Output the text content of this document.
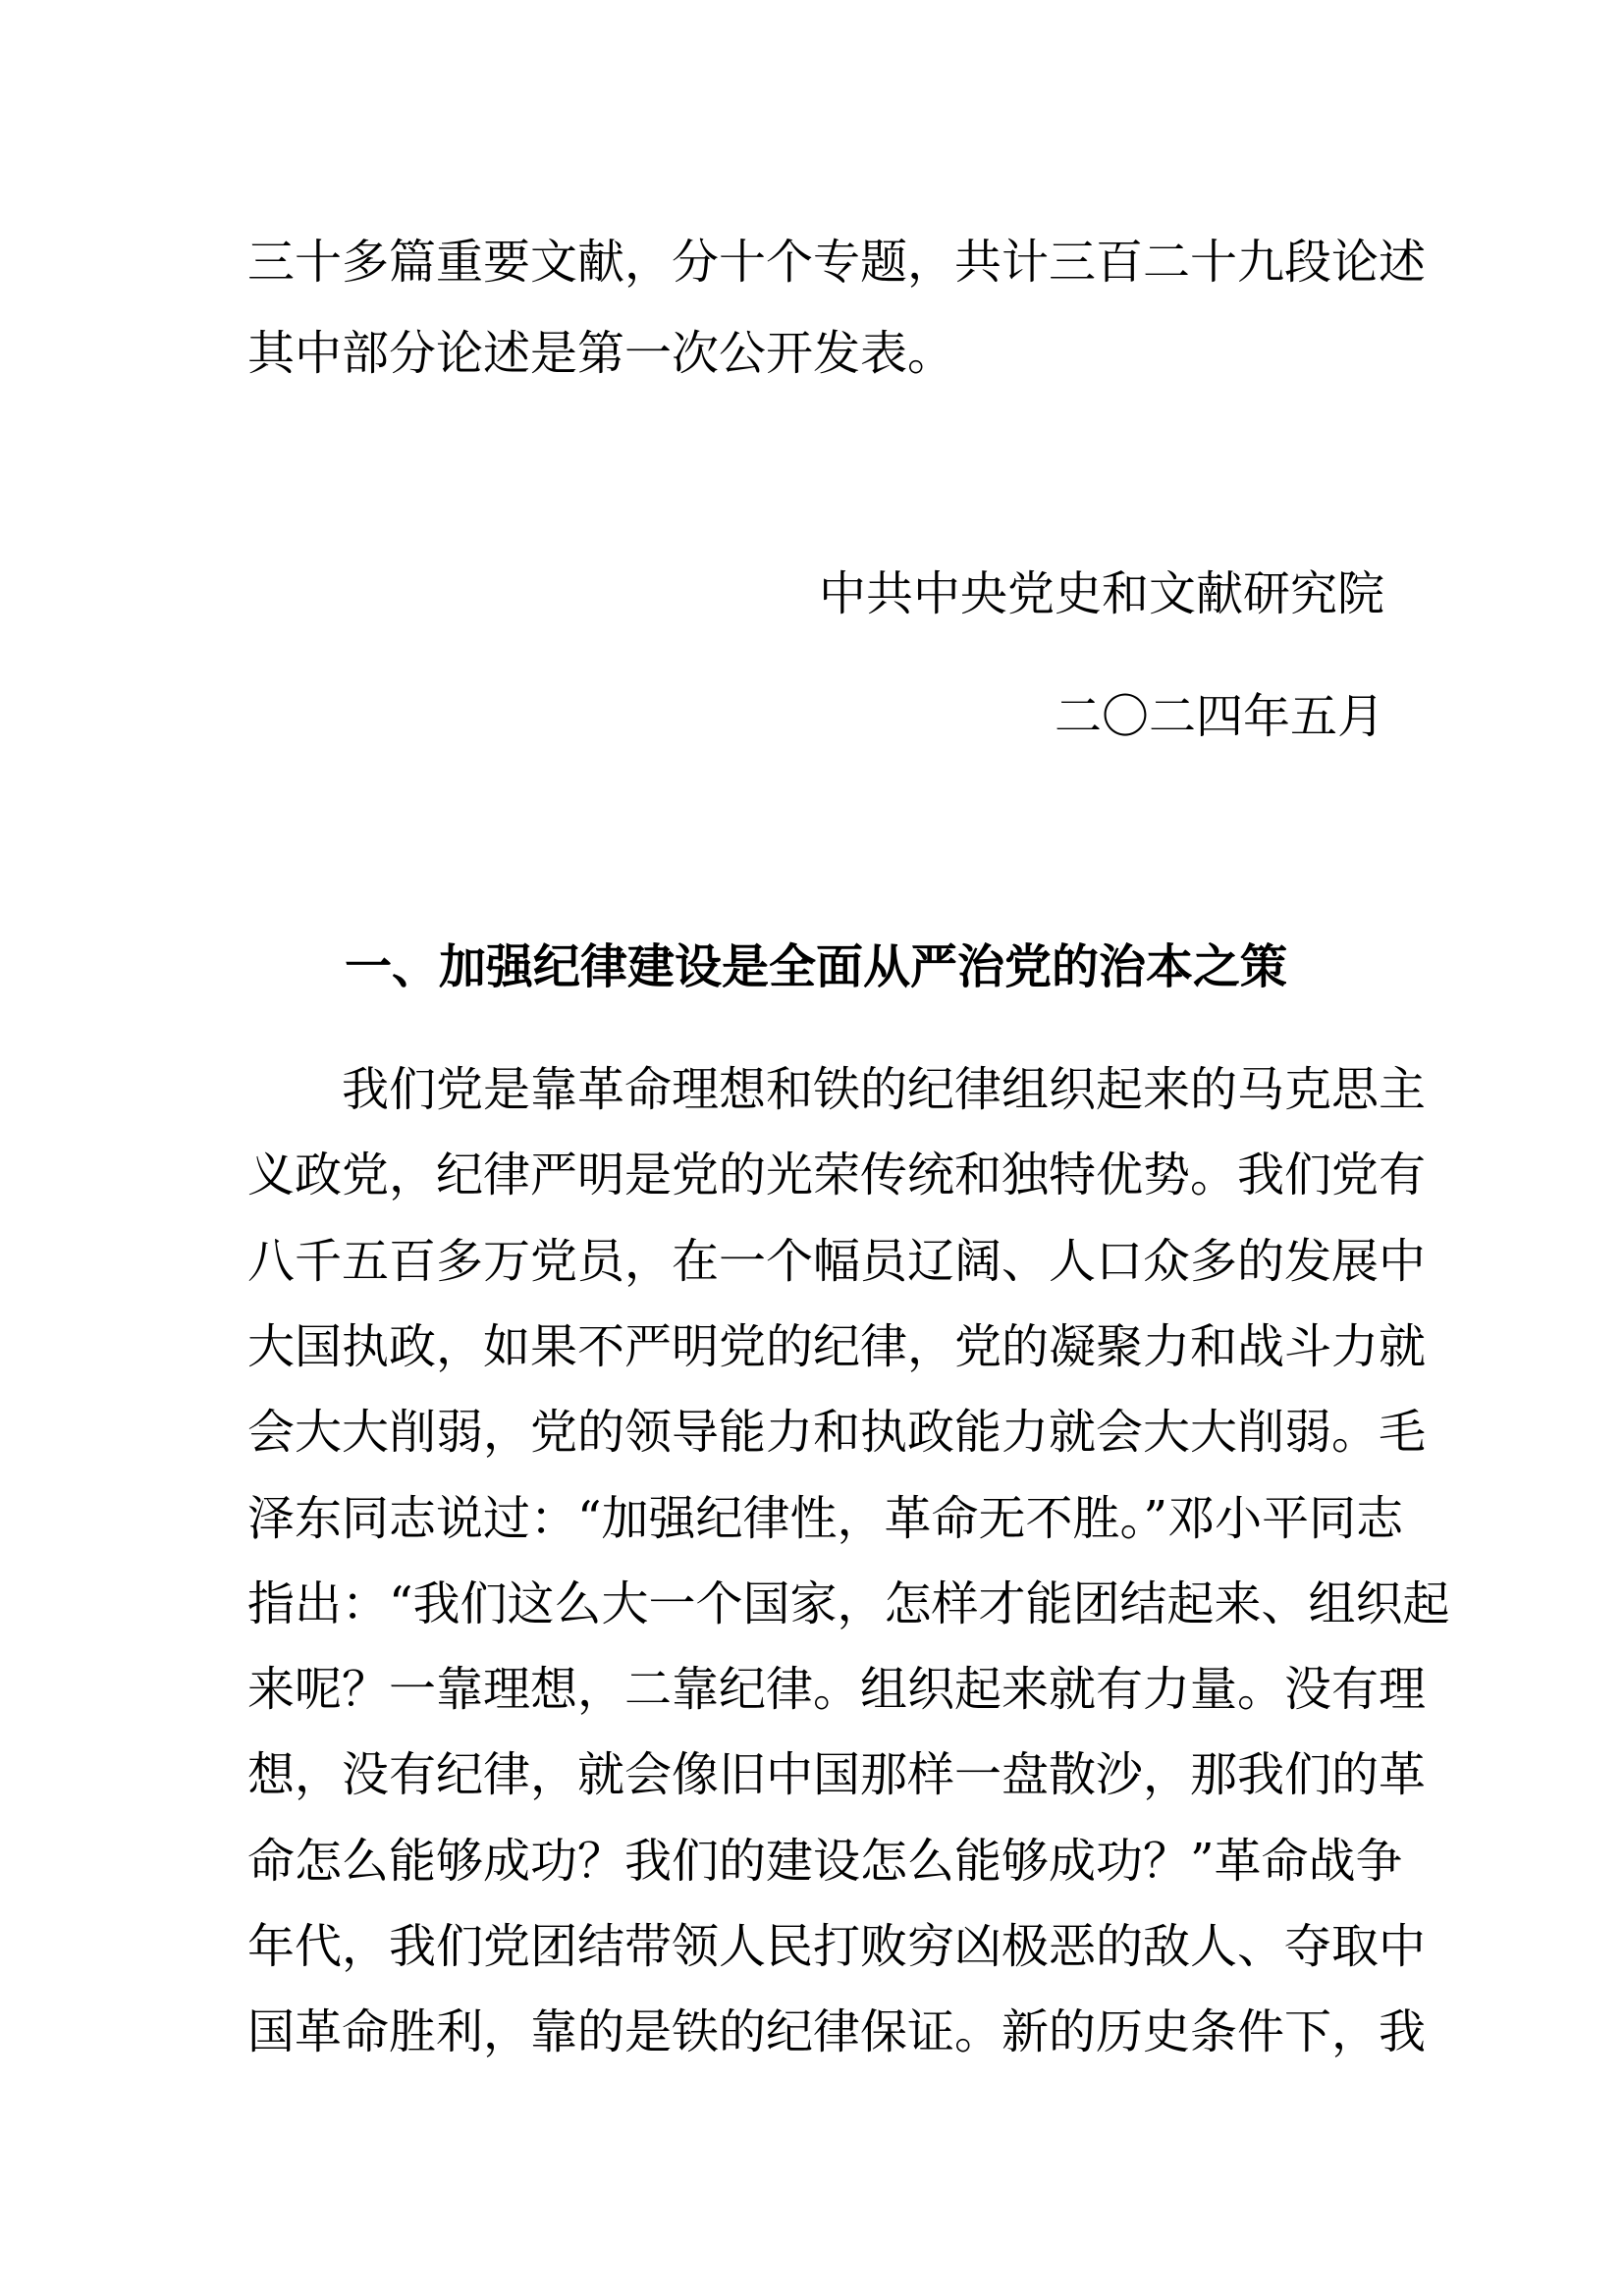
三十多篇重要文献，分十个专题，共计三百二十九段论述
其中部分论述是第一次公开发表。
中共中央党史和文献研究院
二〇二四年五月
一、加强纪律建设是全面从严治党的治本之策
　　我们党是靠革命理想和铁的纪律组织起来的马克思主
义政党，纪律严明是党的光荣传统和独特优势。我们党有
八千五百多万党员，在一个幅员辽阔、人口众多的发展中
大国执政，如果不严明党的纪律，党的凝聚力和战斗力就
会大大削弱，党的领导能力和执政能力就会大大削弱。毛
泽东同志说过：“加强纪律性，革命无不胜。”邓小平同志
指出：“我们这么大一个国家，怎样才能团结起来、组织起
来呢？一靠理想，二靠纪律。组织起来就有力量。没有理
想，没有纪律，就会像旧中国那样一盘散沙，那我们的革
命怎么能够成功？我们的建设怎么能够成功？”革命战争
年代，我们党团结带领人民打败穷凶极恶的敌人、夺取中
国革命胜利，靠的是铁的纪律保证。新的历史条件下，我
